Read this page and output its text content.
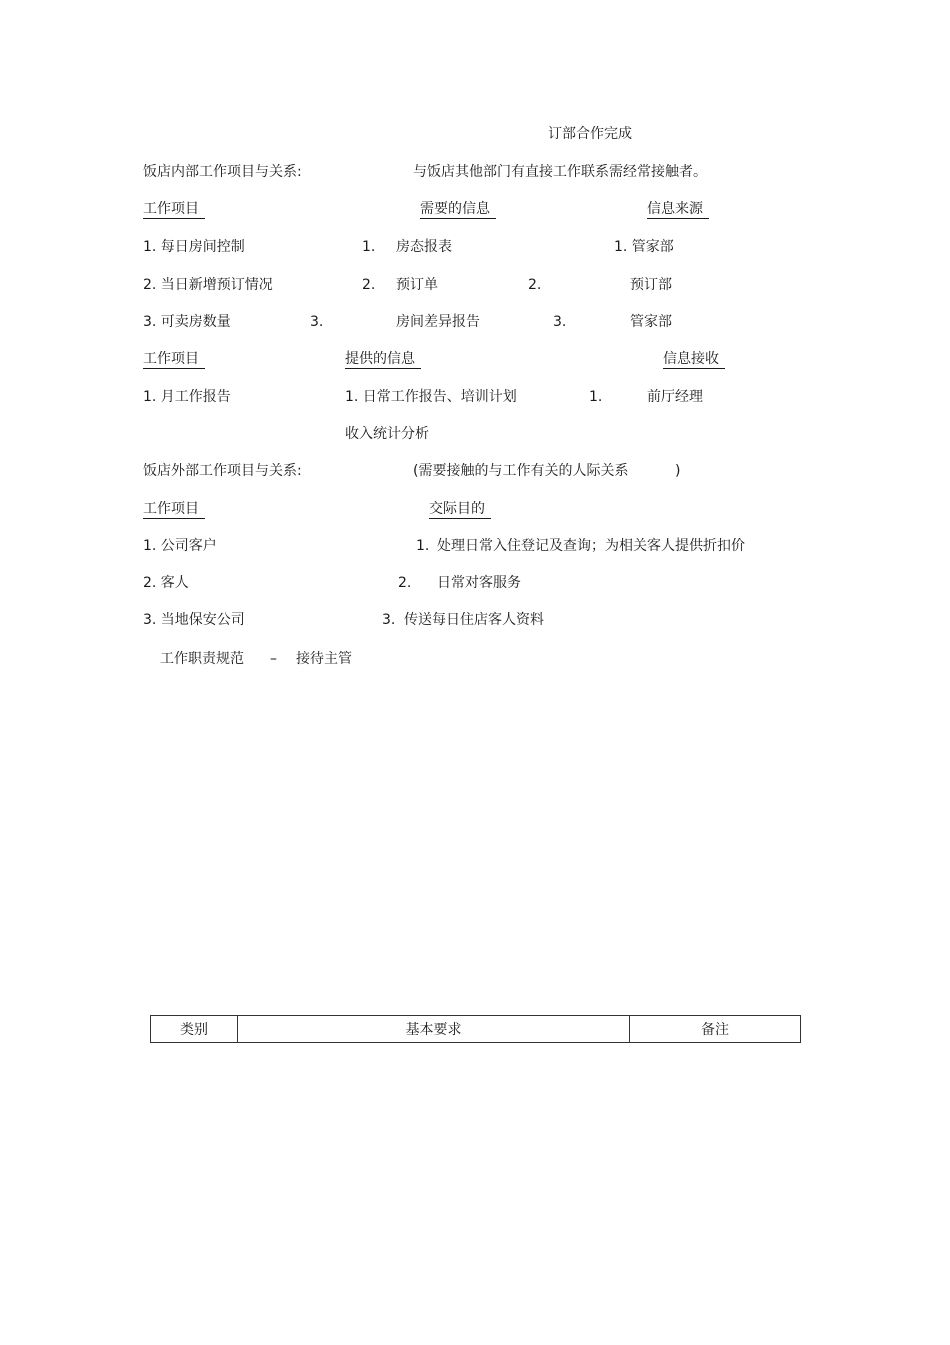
订部合作完成
饭店内部工作项目与关系:	与饭店其他部门有直接工作联系需经常接触者。
工作项目	需要的信息	信息来源
1. 每日房间控制	1. 房态报表	1. 管家部
2. 当日新增预订情况	2. 预订单	2.	预订部
3. 可卖房数量	3.	房间差异报告	3.	管家部
工作项目	提供的信息	信息接收
1. 月工作报告	1. 日常工作报告、培训计划	1.	前厅经理
收入统计分析
饭店外部工作项目与关系:	(需要接触的与工作有关的人际关系	)
工作项目	交际目的
1. 公司客户	1. 处理日常入住登记及查询；为相关客人提供折扣价
2. 客人	2. 日常对客服务
3. 当地保安公司	3. 传送每日住店客人资料
工作职责规范 – 接待主管
类别	基本要求	备注
